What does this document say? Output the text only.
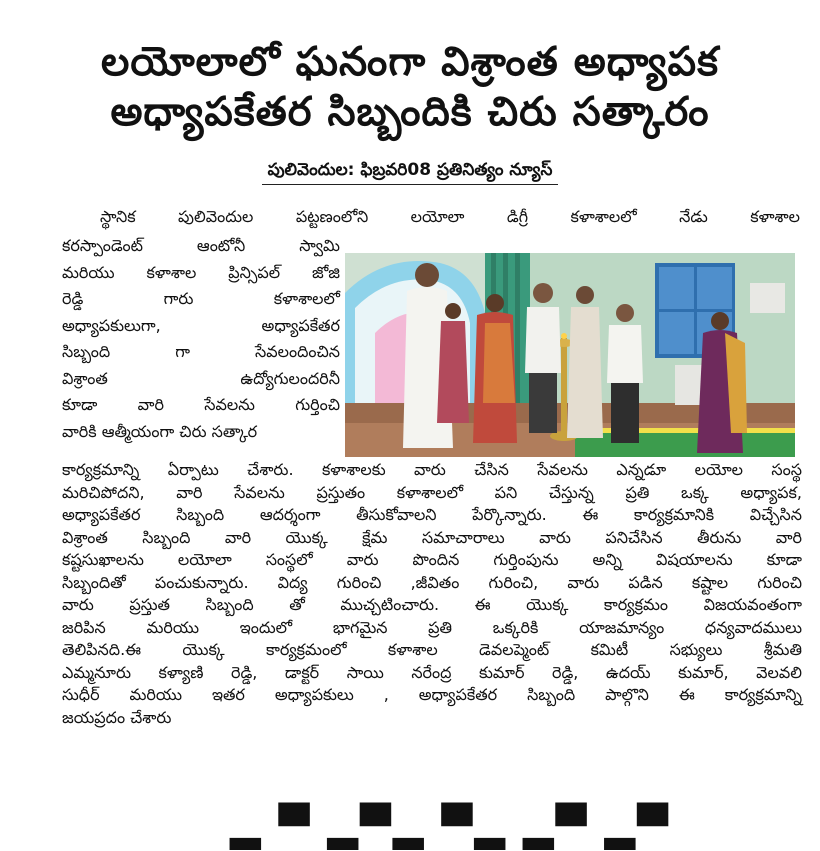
లయోలాలో ఘనంగా విశ్రాంత అధ్యాపక
అధ్యాపకేతర సిబ్బందికి చిరు సత్కారం
పులివెందుల: ఫిబ్రవరి08 ప్రతినిత్యం న్యూస్
స్థానిక పులివెందుల పట్టణంలోని లయోలా డిగ్రీ కళాశాలలో నేడు కళాశాల
కరస్పాండెంట్ ఆంటోనీ స్వామి
మరియు కళాశాల ప్రిన్సిపల్ జోజి
రెడ్డి గారు కళాశాలలో
అధ్యాపకులుగా, అధ్యాపకేతర
సిబ్బంది గా సేవలందించిన
విశ్రాంత ఉద్యోగులందరినీ
కూడా వారి సేవలను గుర్తించి
వారికి ఆత్మీయంగా చిరు సత్కార
కార్యక్రమాన్ని ఏర్పాటు చేశారు. కళాశాలకు వారు చేసిన సేవలను ఎన్నడూ లయోల సంస్థ
మరిచిపోదని, వారి సేవలను ప్రస్తుతం కళాశాలలో పని చేస్తున్న ప్రతి ఒక్క అధ్యాపక,
అధ్యాపకేతర సిబ్బంది ఆదర్శంగా తీసుకోవాలని పేర్కొన్నారు. ఈ కార్యక్రమానికి విచ్చేసిన
విశ్రాంత సిబ్బంది వారి యొక్క క్షేమ సమాచారాలు వారు పనిచేసిన తీరును వారి
కష్టసుఖాలను లయోలా సంస్థలో వారు పొందిన గుర్తింపును అన్ని విషయాలను కూడా
సిబ్బందితో పంచుకున్నారు. విద్య గురించి ,జీవితం గురించి, వారు పడిన కష్టాల గురించి
వారు ప్రస్తుత సిబ్బంది తో ముచ్చటించారు. ఈ యొక్క కార్యక్రమం విజయవంతంగా
జరిపిన మరియు ఇందులో భాగమైన ప్రతి ఒక్కరికి యాజమాన్యం ధన్యవాదములు
తెలిపినది.ఈ యొక్క కార్యక్రమంలో కళాశాల డెవలప్మెంట్ కమిటీ సభ్యులు శ్రీమతి
ఎమ్మనూరు కళ్యాణి రెడ్డి, డాక్టర్ సాయి నరేంద్ర కుమార్ రెడ్డి, ఉదయ్ కుమార్, వెలవలి
సుధీర్ మరియు ఇతర అధ్యాపకులు , అధ్యాపకేతర సిబ్బంది పాల్గొని ఈ కార్యక్రమాన్ని
జయప్రదం చేశారు
▂ ▀ ▂▀▂ ▀▂ ▂▀ ▂▀
